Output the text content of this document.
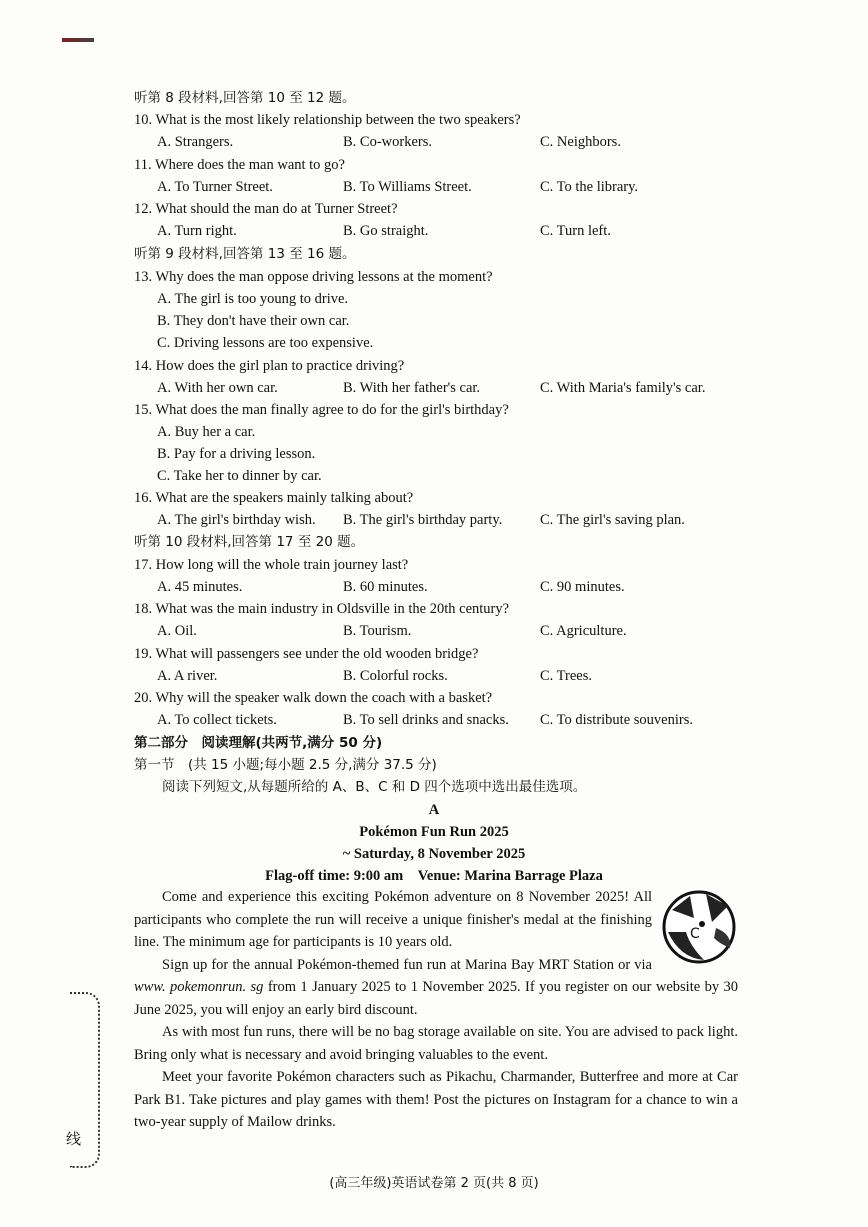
听第 8 段材料,回答第 10 至 12 题。
10. What is the most likely relationship between the two speakers?
A. Strangers.	B. Co-workers.	C. Neighbors.
11. Where does the man want to go?
A. To Turner Street.	B. To Williams Street.	C. To the library.
12. What should the man do at Turner Street?
A. Turn right.	B. Go straight.	C. Turn left.
听第 9 段材料,回答第 13 至 16 题。
13. Why does the man oppose driving lessons at the moment?
A. The girl is too young to drive.
B. They don't have their own car.
C. Driving lessons are too expensive.
14. How does the girl plan to practice driving?
A. With her own car.	B. With her father's car.	C. With Maria's family's car.
15. What does the man finally agree to do for the girl's birthday?
A. Buy her a car.
B. Pay for a driving lesson.
C. Take her to dinner by car.
16. What are the speakers mainly talking about?
A. The girl's birthday wish. B. The girl's birthday party.	C. The girl's saving plan.
听第 10 段材料,回答第 17 至 20 题。
17. How long will the whole train journey last?
A. 45 minutes.	B. 60 minutes.	C. 90 minutes.
18. What was the main industry in Oldsville in the 20th century?
A. Oil.	B. Tourism.	C. Agriculture.
19. What will passengers see under the old wooden bridge?
A. A river.	B. Colorful rocks.	C. Trees.
20. Why will the speaker walk down the coach with a basket?
A. To collect tickets.	B. To sell drinks and snacks. C. To distribute souvenirs.
第二部分　阅读理解(共两节,满分 50 分)
第一节　(共 15 小题;每小题 2.5 分,满分 37.5 分)
阅读下列短文,从每题所给的 A、B、C 和 D 四个选项中选出最佳选项。
A
Pokémon Fun Run 2025
~ Saturday, 8 November 2025
Flag-off time: 9:00 am　Venue: Marina Barrage Plaza
C

Come and experience this exciting Pokémon adventure on 8 November 2025! All participants who complete the run will receive a unique finisher's medal at the finishing line. The minimum age for participants is 10 years old.

Sign up for the annual Pokémon-themed fun run at Marina Bay MRT Station or via www. pokemonrun. sg from 1 January 2025 to 1 November 2025. If you register on our website by 30 June 2025, you will enjoy an early bird discount.

As with most fun runs, there will be no bag storage available on site. You are advised to pack light. Bring only what is necessary and avoid bringing valuables to the event.

Meet your favorite Pokémon characters such as Pikachu, Charmander, Butterfree and more at Car Park B1. Take pictures and play games with them! Post the pictures on Instagram for a chance to win a two-year supply of Mailow drinks.

线
(高三年级)英语试卷第 2 页(共 8 页)
